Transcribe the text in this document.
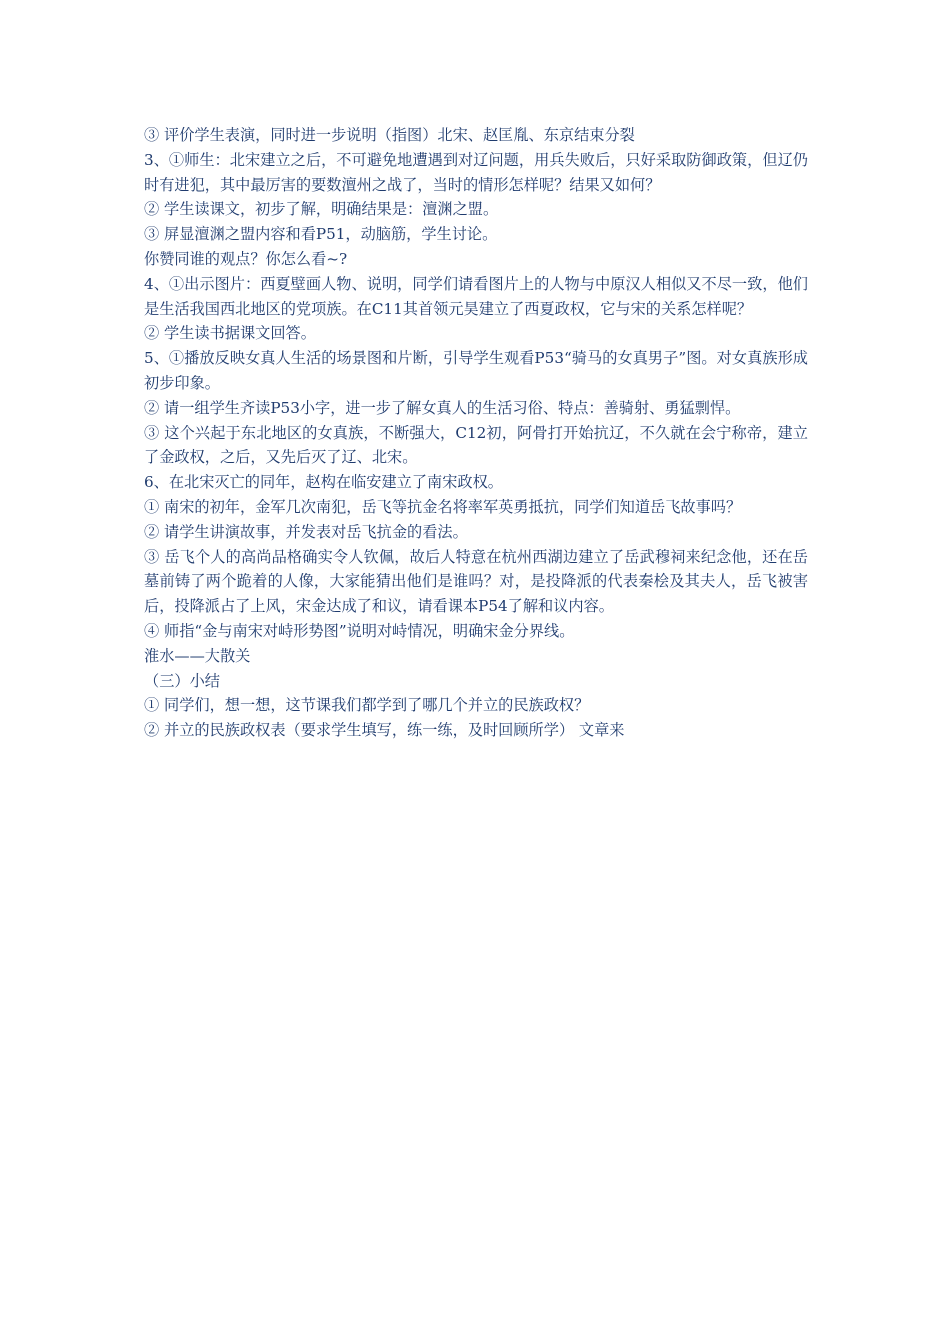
③ 评价学生表演，同时进一步说明（指图）北宋、赵匡胤、东京结束分裂

3、①师生：北宋建立之后，不可避免地遭遇到对辽问题，用兵失败后，只好采取防御政策，但辽仍时有进犯，其中最厉害的要数澶州之战了，当时的情形怎样呢？结果又如何？

② 学生读课文，初步了解，明确结果是：澶渊之盟。

③ 屏显澶渊之盟内容和看P51，动脑筋，学生讨论。

你赞同谁的观点？你怎么看~?

4、①出示图片：西夏壁画人物、说明，同学们请看图片上的人物与中原汉人相似又不尽一致，他们是生活我国西北地区的党项族。在C11其首领元昊建立了西夏政权，它与宋的关系怎样呢？

② 学生读书据课文回答。

5、①播放反映女真人生活的场景图和片断，引导学生观看P53“骑马的女真男子”图。对女真族形成初步印象。

② 请一组学生齐读P53小字，进一步了解女真人的生活习俗、特点：善骑射、勇猛剽悍。

③ 这个兴起于东北地区的女真族，不断强大，C12初，阿骨打开始抗辽，不久就在会宁称帝，建立了金政权，之后，又先后灭了辽、北宋。

6、在北宋灭亡的同年，赵构在临安建立了南宋政权。

① 南宋的初年，金军几次南犯，岳飞等抗金名将率军英勇抵抗，同学们知道岳飞故事吗？

② 请学生讲演故事，并发表对岳飞抗金的看法。

③ 岳飞个人的高尚品格确实令人钦佩，故后人特意在杭州西湖边建立了岳武穆祠来纪念他，还在岳墓前铸了两个跪着的人像，大家能猜出他们是谁吗？对，是投降派的代表秦桧及其夫人，岳飞被害后，投降派占了上风，宋金达成了和议，请看课本P54了解和议内容。

④ 师指“金与南宋对峙形势图”说明对峙情况，明确宋金分界线。

淮水——大散关

（三）小结

① 同学们，想一想，这节课我们都学到了哪几个并立的民族政权？

② 并立的民族政权表（要求学生填写，练一练，及时回顾所学） 文章来
